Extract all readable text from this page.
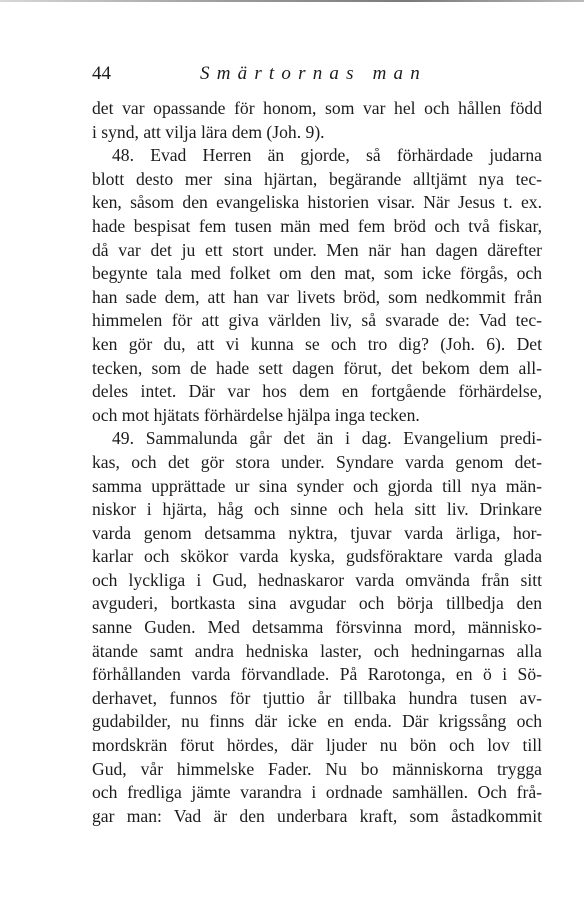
44	Smärtornas man
det var opassande för honom, som var hel och hållen född
i synd, att vilja lära dem (Joh. 9).
48. Evad Herren än gjorde, så förhärdade judarna
blott desto mer sina hjärtan, begärande alltjämt nya tec-
ken, såsom den evangeliska historien visar. När Jesus t. ex.
hade bespisat fem tusen män med fem bröd och två fiskar,
då var det ju ett stort under. Men när han dagen därefter
begynte tala med folket om den mat, som icke förgås, och
han sade dem, att han var livets bröd, som nedkommit från
himmelen för att giva världen liv, så svarade de: Vad tec-
ken gör du, att vi kunna se och tro dig? (Joh. 6). Det
tecken, som de hade sett dagen förut, det bekom dem all-
deles intet. Där var hos dem en fortgående förhärdelse,
och mot hjätats förhärdelse hjälpa inga tecken.
49. Sammalunda går det än i dag. Evangelium predi-
kas, och det gör stora under. Syndare varda genom det-
samma upprättade ur sina synder och gjorda till nya män-
niskor i hjärta, håg och sinne och hela sitt liv. Drinkare
varda genom detsamma nyktra, tjuvar varda ärliga, hor-
karlar och skökor varda kyska, gudsföraktare varda glada
och lyckliga i Gud, hednaskaror varda omvända från sitt
avguderi, bortkasta sina avgudar och börja tillbedja den
sanne Guden. Med detsamma försvinna mord, människo-
ätande samt andra hedniska laster, och hedningarnas alla
förhållanden varda förvandlade. På Rarotonga, en ö i Sö-
derhavet, funnos för tjuttio år tillbaka hundra tusen av-
gudabilder, nu finns där icke en enda. Där krigssång och
mordskrän förut hördes, där ljuder nu bön och lov till
Gud, vår himmelske Fader. Nu bo människorna trygga
och fredliga jämte varandra i ordnade samhällen. Och frå-
gar man: Vad är den underbara kraft, som åstadkommit
